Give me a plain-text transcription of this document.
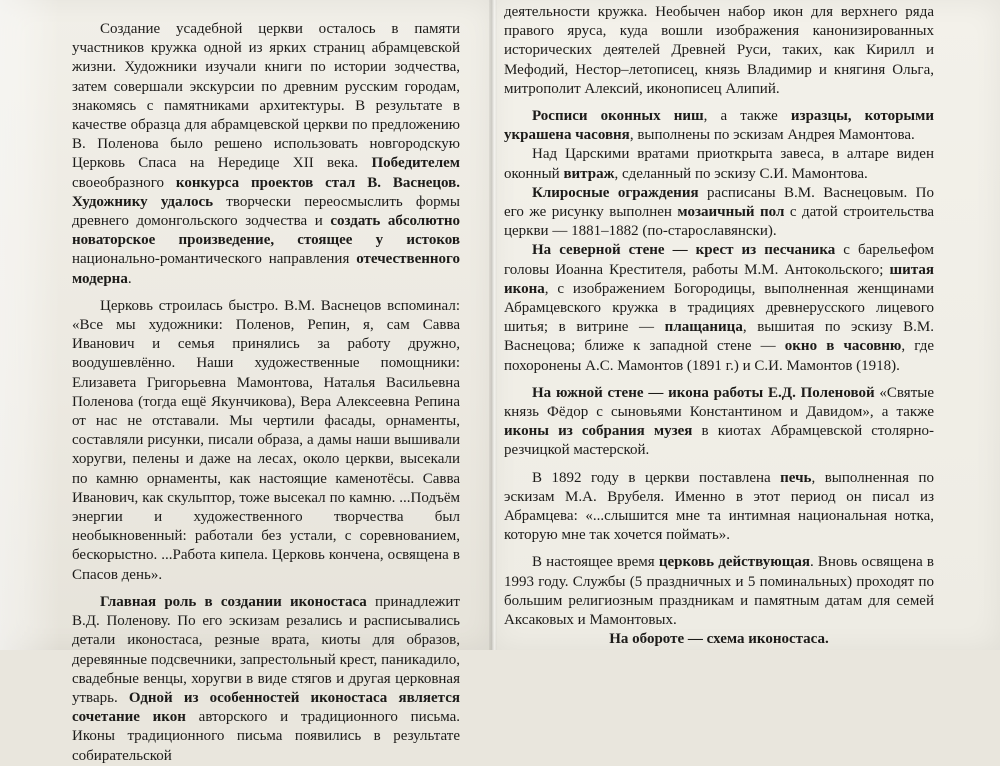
Создание усадебной церкви осталось в памяти участников кружка одной из ярких страниц абрамцевской жизни. Художники изучали книги по истории зодчества, затем совершали экскурсии по древним русским городам, знакомясь с памятниками архитектуры. В результате в качестве образца для абрамцевской церкви по предложению В. Поленова было решено использовать новгородскую Церковь Спаса на Нередице XII века. Победителем своеобразного конкурса проектов стал В. Васнецов. Художнику удалось творчески переосмыслить формы древнего домонгольского зодчества и создать абсолютно новаторское произведение, стоящее у истоков национально-романтического направления отечественного модерна.

Церковь строилась быстро. В.М. Васнецов вспоминал: «Все мы художники: Поленов, Репин, я, сам Савва Иванович и семья принялись за работу дружно, воодушевлённо. Наши художественные помощники: Елизавета Григорьевна Мамонтова, Наталья Васильевна Поленова (тогда ещё Якунчикова), Вера Алексеевна Репина от нас не отставали. Мы чертили фасады, орнаменты, составляли рисунки, писали образа, а дамы наши вышивали хоругви, пелены и даже на лесах, около церкви, высекали по камню орнаменты, как настоящие каменотёсы. Савва Иванович, как скульптор, тоже высекал по камню. ...Подъём энергии и художественного творчества был необыкновенный: работали без устали, с соревнованием, бескорыстно. ...Работа кипела. Церковь кончена, освящена в Спасов день».

Главная роль в создании иконостаса принадлежит В.Д. Поленову. По его эскизам резались и расписывались детали иконостаса, резные врата, киоты для образов, деревянные подсвечники, запрестольный крест, паникадило, свадебные венцы, хоругви в виде стягов и другая церковная утварь. Одной из особенностей иконостаса является сочетание икон авторского и традиционного письма. Иконы традиционного письма появились в результате собирательской

деятельности кружка. Необычен набор икон для верхнего ряда правого яруса, куда вошли изображения канонизированных исторических деятелей Древней Руси, таких, как Кирилл и Мефодий, Нестор–летописец, князь Владимир и княгиня Ольга, митрополит Алексий, иконописец Алипий.

Росписи оконных ниш, а также изразцы, которыми украшена часовня, выполнены по эскизам Андрея Мамонтова.

Над Царскими вратами приоткрыта завеса, в алтаре виден оконный витраж, сделанный по эскизу С.И. Мамонтова.

Клиросные ограждения расписаны В.М. Васнецовым. По его же рисунку выполнен мозаичный пол с датой строительства церкви — 1881–1882 (по-старославянски).

На северной стене — крест из песчаника с барельефом головы Иоанна Крестителя, работы М.М. Антокольского; шитая икона, с изображением Богородицы, выполненная женщинами Абрамцевского кружка в традициях древнерусского лицевого шитья; в витрине — плащаница, вышитая по эскизу В.М. Васнецова; ближе к западной стене — окно в часовню, где похоронены А.С. Мамонтов (1891 г.) и С.И. Мамонтов (1918).

На южной стене — икона работы Е.Д. Поленовой «Святые князь Фёдор с сыновьями Константином и Давидом», а также иконы из собрания музея в киотах Абрамцевской столярно-резчицкой мастерской.

В 1892 году в церкви поставлена печь, выполненная по эскизам М.А. Врубеля. Именно в этот период он писал из Абрамцева: «...слышится мне та интимная национальная нотка, которую мне так хочется поймать».

В настоящее время церковь действующая. Вновь освящена в 1993 году. Службы (5 праздничных и 5 поминальных) проходят по большим религиозным праздникам и памятным датам для семей Аксаковых и Мамонтовых.

На обороте — схема иконостаса.
